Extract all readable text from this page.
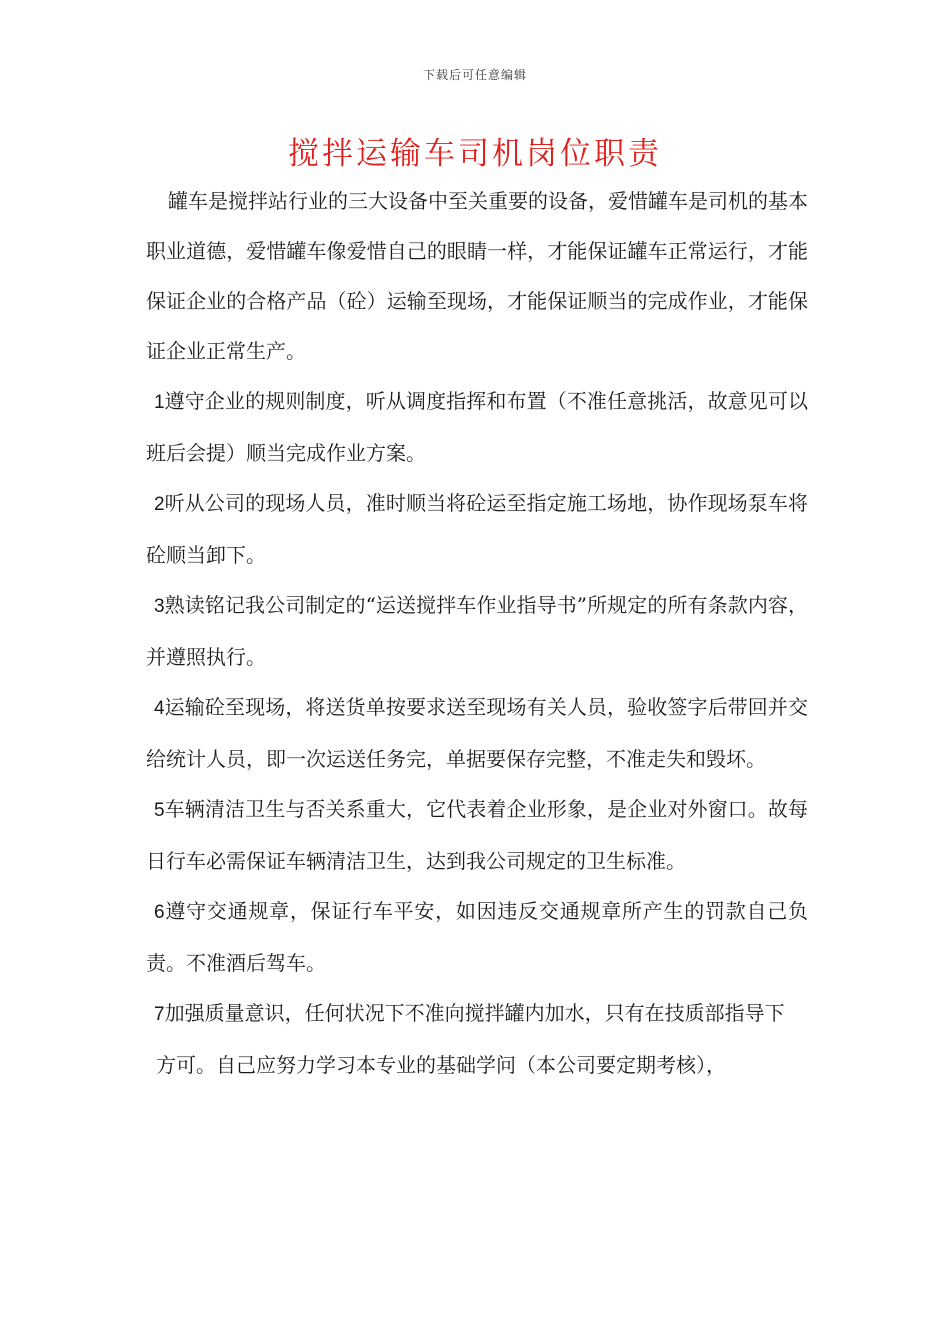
下载后可任意编辑
搅拌运输车司机岗位职责

罐车是搅拌站行业的三大设备中至关重要的设备，爱惜罐车是司机的基本职业道德，爱惜罐车像爱惜自己的眼睛一样，才能保证罐车正常运行，才能保证企业的合格产品（砼）运输至现场，才能保证顺当的完成作业，才能保证企业正常生产。

1遵守企业的规则制度，听从调度指挥和布置（不准任意挑活，故意见可以班后会提）顺当完成作业方案。

2听从公司的现场人员，准时顺当将砼运至指定施工场地，协作现场泵车将砼顺当卸下。

3熟读铭记我公司制定的“运送搅拌车作业指导书”所规定的所有条款内容，并遵照执行。

4运输砼至现场，将送货单按要求送至现场有关人员，验收签字后带回并交给统计人员，即一次运送任务完，单据要保存完整，不准走失和毁坏。

5车辆清洁卫生与否关系重大，它代表着企业形象，是企业对外窗口。故每日行车必需保证车辆清洁卫生，达到我公司规定的卫生标准。

6遵守交通规章，保证行车平安，如因违反交通规章所产生的罚款自己负责。不准酒后驾车。

7加强质量意识，任何状况下不准向搅拌罐内加水，只有在技质部指导下

方可。自己应努力学习本专业的基础学问（本公司要定期考核），
